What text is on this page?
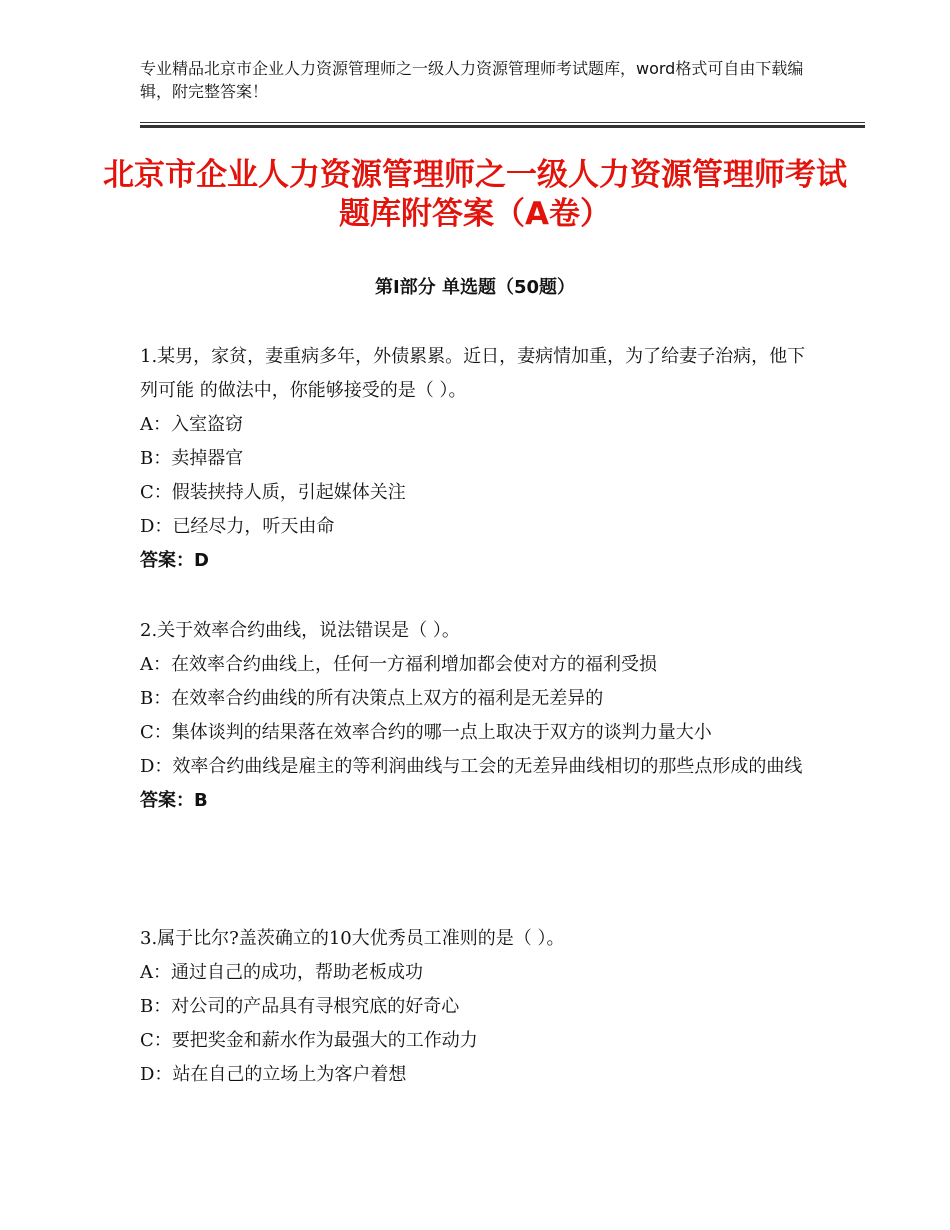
专业精品北京市企业人力资源管理师之一级人力资源管理师考试题库，word格式可自由下载编辑，附完整答案！
北京市企业人力资源管理师之一级人力资源管理师考试题库附答案（A卷）
第Ⅰ部分 单选题（50题）

1.某男，家贫，妻重病多年，外债累累。近日，妻病情加重，为了给妻子治病，他下列可能 的做法中，你能够接受的是（ ）。

A：入室盗窃

B：卖掉器官

C：假装挟持人质，引起媒体关注

D：已经尽力，听天由命

答案：D

2.关于效率合约曲线，说法错误是（ ）。

A：在效率合约曲线上，任何一方福利增加都会使对方的福利受损

B：在效率合约曲线的所有决策点上双方的福利是无差异的

C：集体谈判的结果落在效率合约的哪一点上取决于双方的谈判力量大小

D：效率合约曲线是雇主的等利润曲线与工会的无差异曲线相切的那些点形成的曲线

答案：B

3.属于比尔?盖茨确立的10大优秀员工准则的是（ ）。

A：通过自己的成功，帮助老板成功

B：对公司的产品具有寻根究底的好奇心

C：要把奖金和薪水作为最强大的工作动力

D：站在自己的立场上为客户着想
